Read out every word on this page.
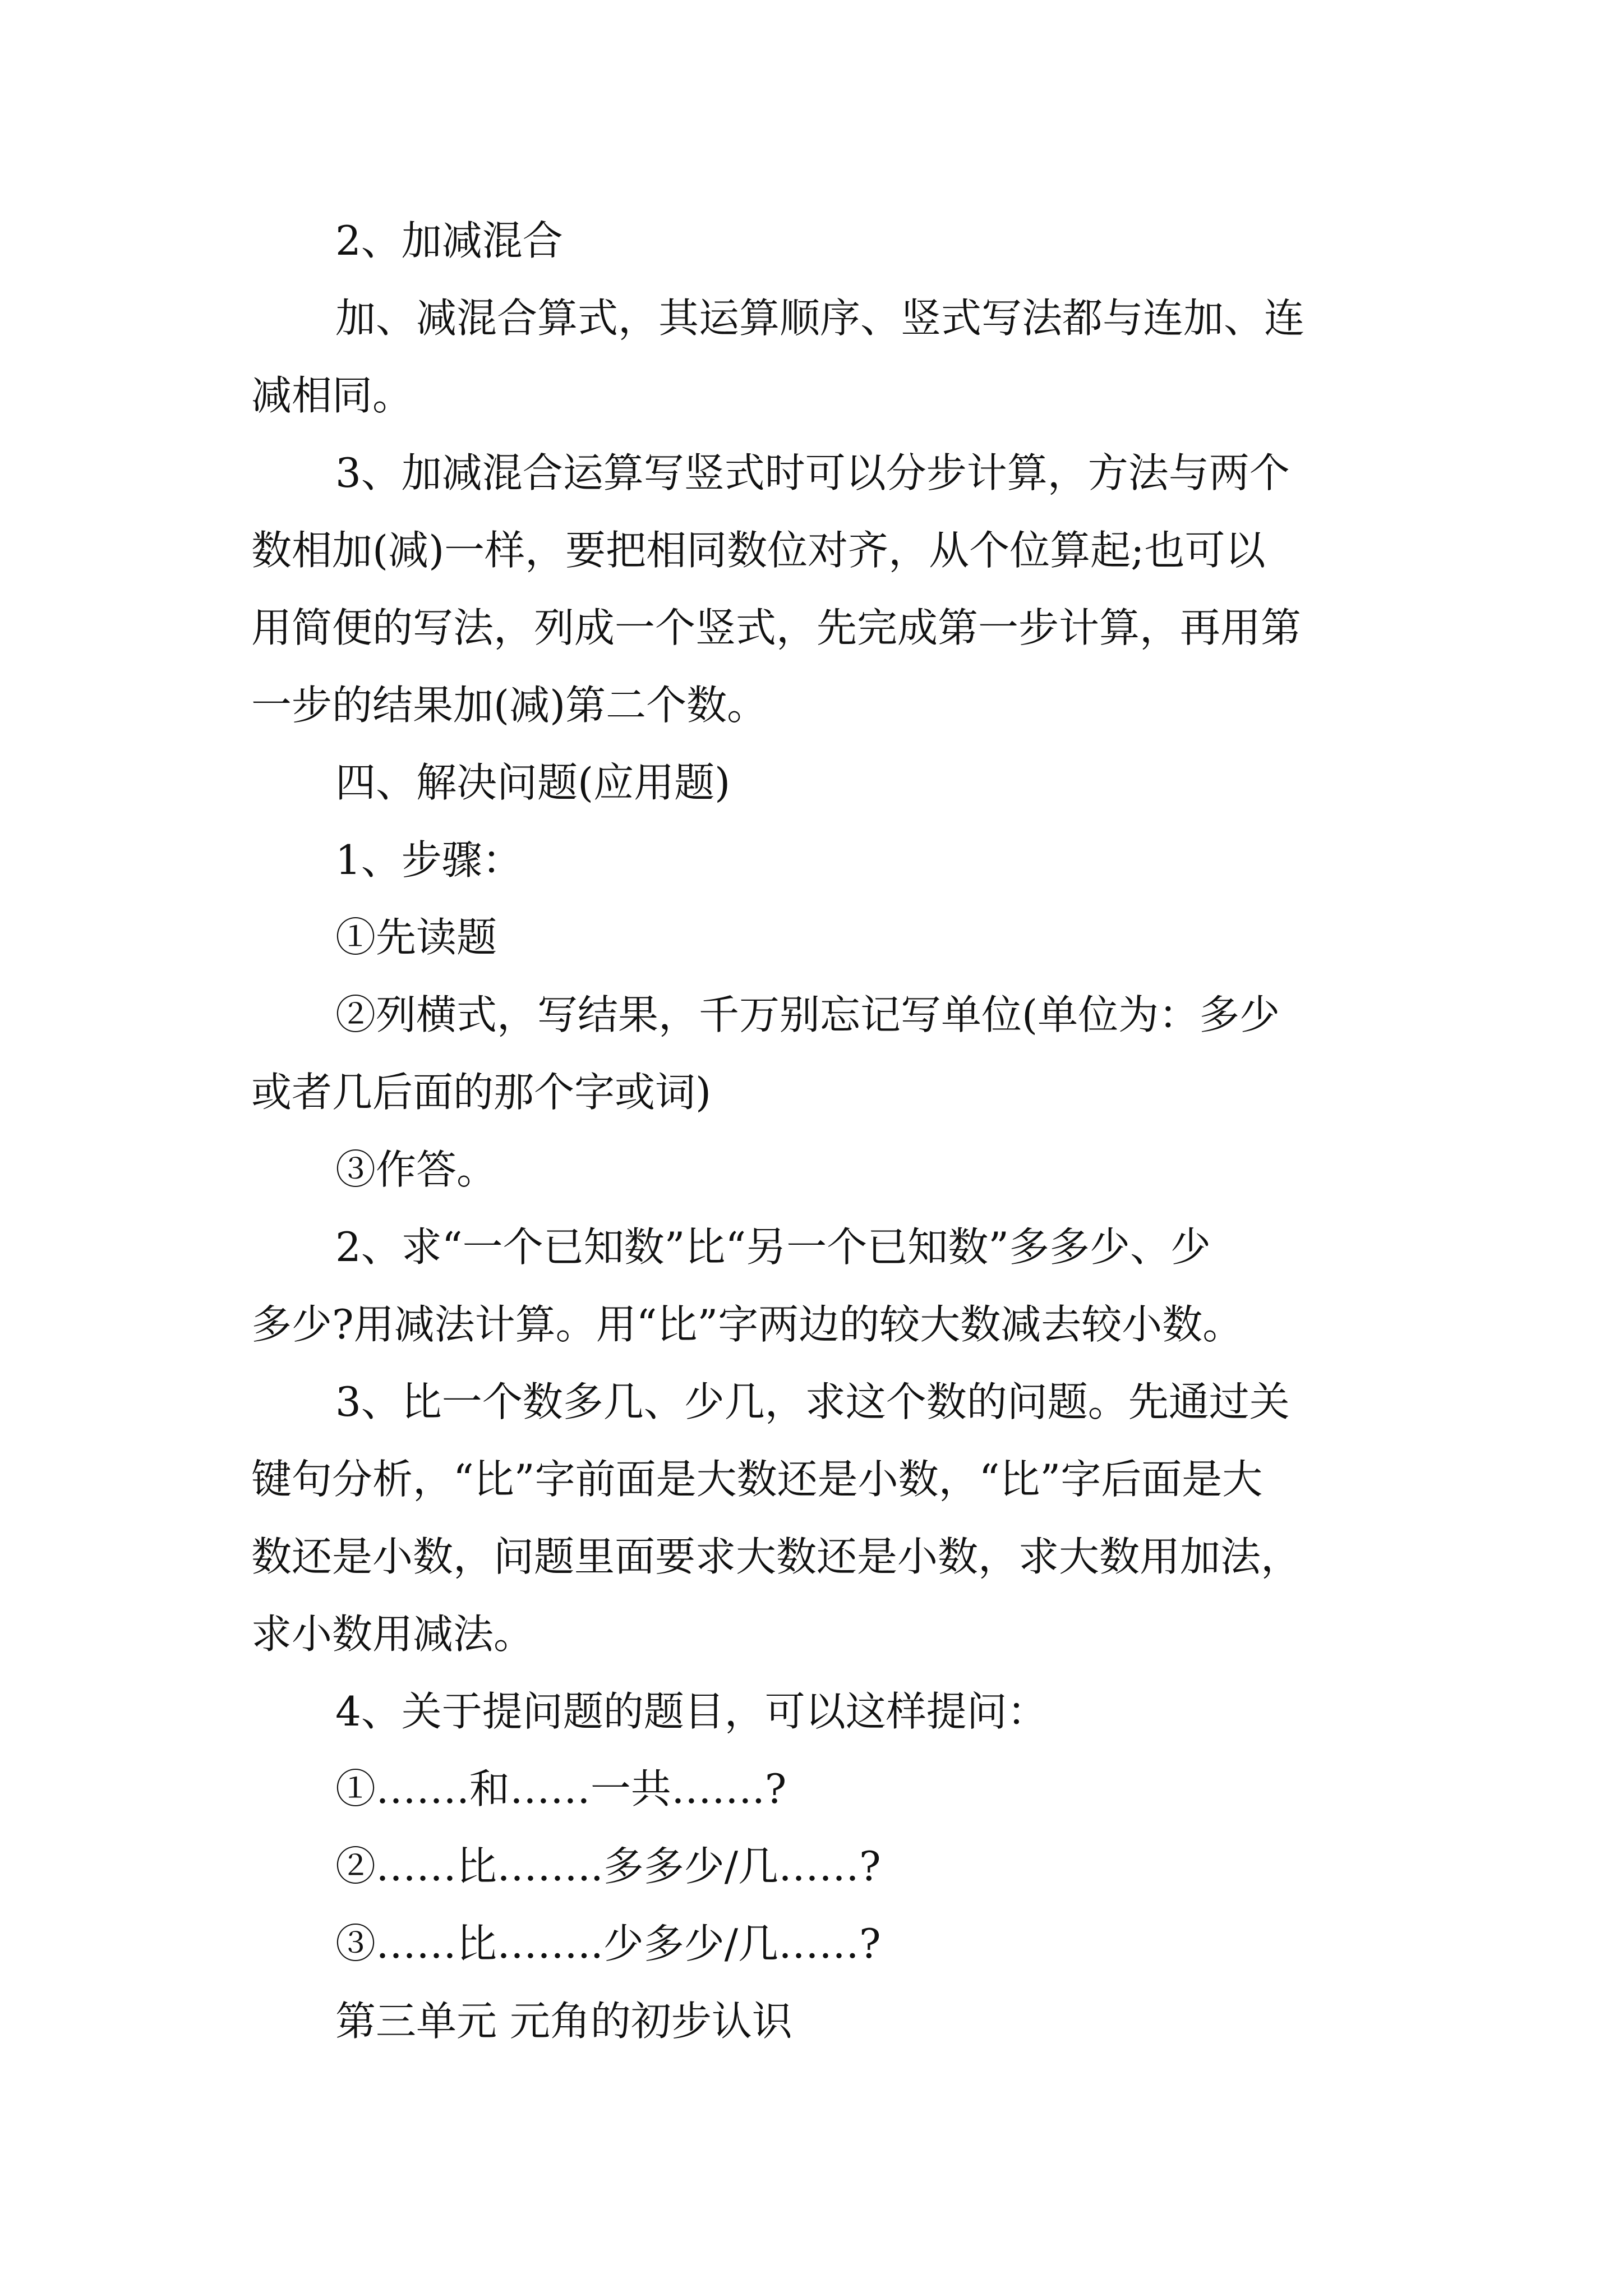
2、加减混合
加、减混合算式，其运算顺序、竖式写法都与连加、连
减相同。
3、加减混合运算写竖式时可以分步计算，方法与两个
数相加(减)一样，要把相同数位对齐，从个位算起;也可以
用简便的写法，列成一个竖式，先完成第一步计算，再用第
一步的结果加(减)第二个数。
四、解决问题(应用题)
1、步骤：
①先读题
②列横式，写结果，千万别忘记写单位(单位为：多少
或者几后面的那个字或词)
③作答。
2、求“一个已知数”比“另一个已知数”多多少、少
多少?用减法计算。用“比”字两边的较大数减去较小数。
3、比一个数多几、少几，求这个数的问题。先通过关
键句分析，“比”字前面是大数还是小数，“比”字后面是大
数还是小数，问题里面要求大数还是小数，求大数用加法，
求小数用减法。
4、关于提问题的题目，可以这样提问：
①…….和……一共…….?
②……比……..多多少/几……?
③……比……..少多少/几……?
第三单元 元角的初步认识
